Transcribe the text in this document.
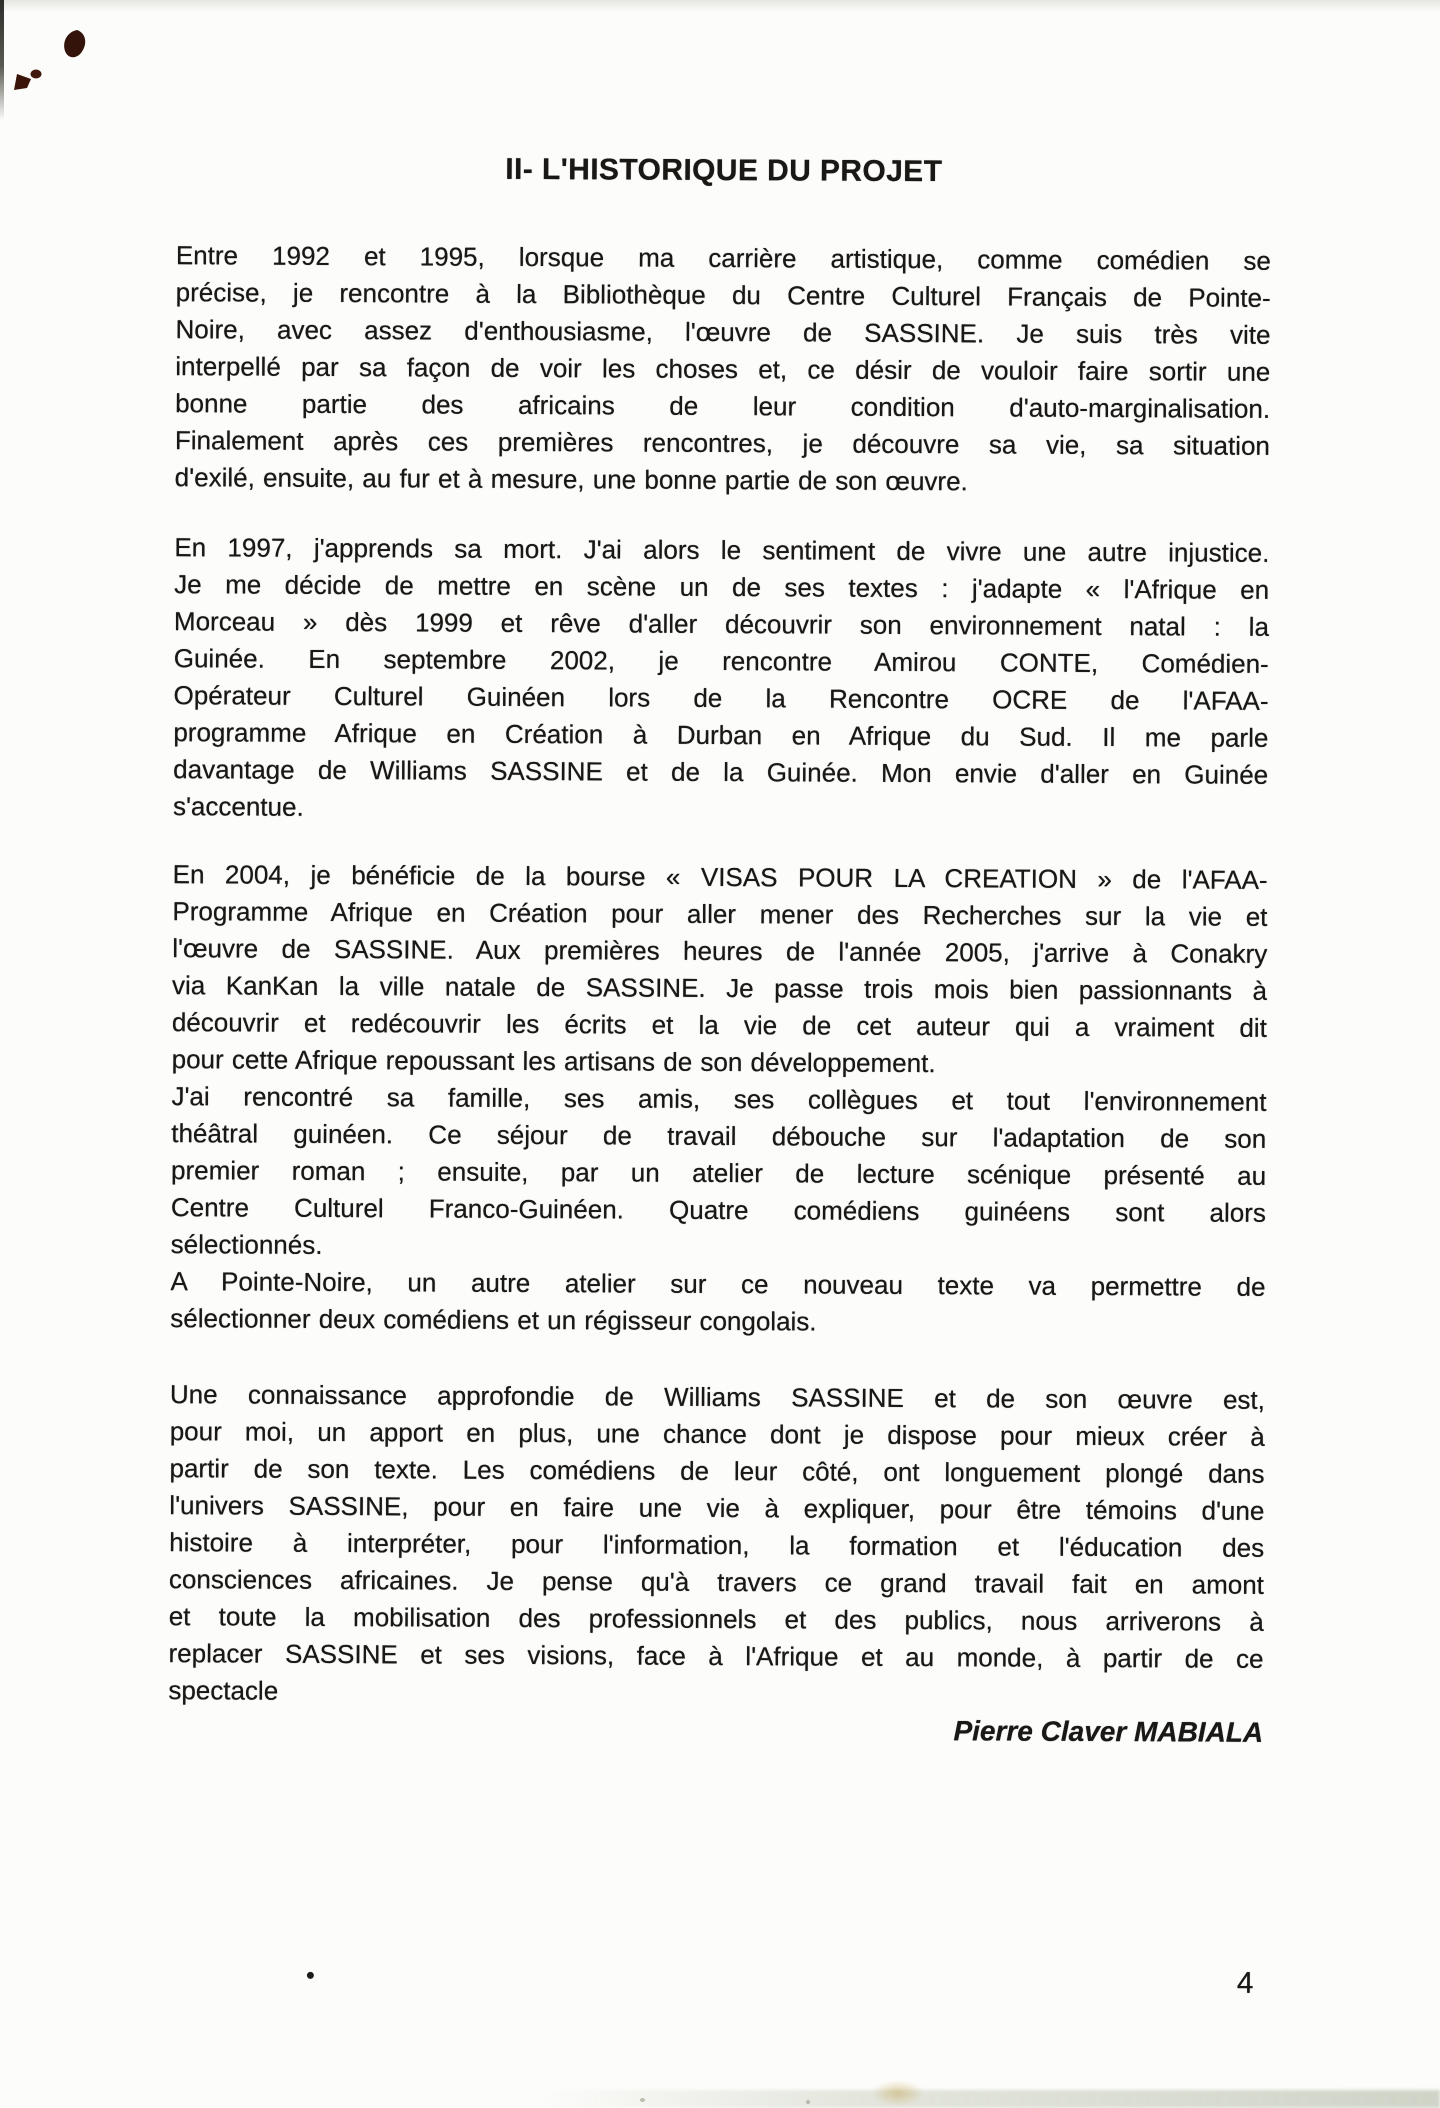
II- L'HISTORIQUE DU PROJET
Entre 1992 et 1995, lorsque ma carrière artistique, comme comédien se
précise, je rencontre à la Bibliothèque du Centre Culturel Français de Pointe-
Noire, avec assez d'enthousiasme, l'œuvre de SASSINE. Je suis très vite
interpellé par sa façon de voir les choses et, ce désir de vouloir faire sortir une
bonne partie des africains de leur condition d'auto-marginalisation.
Finalement après ces premières rencontres, je découvre sa vie, sa situation
d'exilé, ensuite, au fur et à mesure, une bonne partie de son œuvre.
En 1997, j'apprends sa mort. J'ai alors le sentiment de vivre une autre injustice.
Je me décide de mettre en scène un de ses textes : j'adapte « l'Afrique en
Morceau » dès 1999 et rêve d'aller découvrir son environnement natal : la
Guinée. En septembre 2002, je rencontre Amirou CONTE, Comédien-
Opérateur Culturel Guinéen lors de la Rencontre OCRE de l'AFAA-
programme Afrique en Création à Durban en Afrique du Sud. Il me parle
davantage de Williams SASSINE et de la Guinée. Mon envie d'aller en Guinée
s'accentue.
En 2004, je bénéficie de la bourse « VISAS POUR LA CREATION » de l'AFAA-
Programme Afrique en Création pour aller mener des Recherches sur la vie et
l'œuvre de SASSINE. Aux premières heures de l'année 2005, j'arrive à Conakry
via KanKan la ville natale de SASSINE. Je passe trois mois bien passionnants à
découvrir et redécouvrir les écrits et la vie de cet auteur qui a vraiment dit
pour cette Afrique repoussant les artisans de son développement.
J'ai rencontré sa famille, ses amis, ses collègues et tout l'environnement
théâtral guinéen. Ce séjour de travail débouche sur l'adaptation de son
premier roman ; ensuite, par un atelier de lecture scénique présenté au
Centre Culturel Franco-Guinéen. Quatre comédiens guinéens sont alors
sélectionnés.
A Pointe-Noire, un autre atelier sur ce nouveau texte va permettre de
sélectionner deux comédiens et un régisseur congolais.
Une connaissance approfondie de Williams SASSINE et de son œuvre est,
pour moi, un apport en plus, une chance dont je dispose pour mieux créer à
partir de son texte. Les comédiens de leur côté, ont longuement plongé dans
l'univers SASSINE, pour en faire une vie à expliquer, pour être témoins d'une
histoire à interpréter, pour l'information, la formation et l'éducation des
consciences africaines. Je pense qu'à travers ce grand travail fait en amont
et toute la mobilisation des professionnels et des publics, nous arriverons à
replacer SASSINE et ses visions, face à l'Afrique et au monde, à partir de ce
spectacle
Pierre Claver MABIALA
4
